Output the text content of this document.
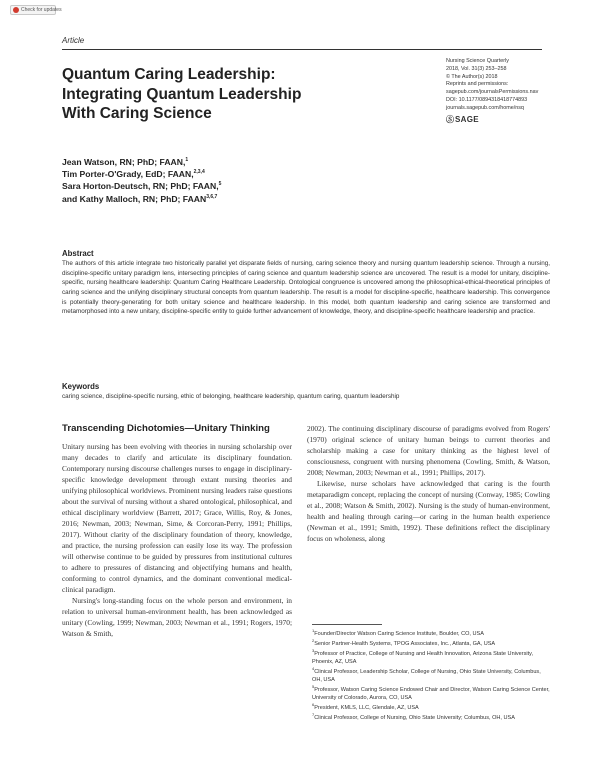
Check for updates
Article
Quantum Caring Leadership:
Integrating Quantum Leadership
With Caring Science
Nursing Science Quarterly
2018, Vol. 31(3) 253–258
© The Author(s) 2018
Reprints and permissions:
sagepub.com/journalsPermissions.nav
DOI: 10.1177/0894318418774893
journals.sagepub.com/home/nsq
Ⓢ SAGE
Jean Watson, RN; PhD; FAAN,$^1$
Tim Porter-O'Grady, EdD; FAAN,$^{2,3,4}$
Sara Horton-Deutsch, RN; PhD; FAAN,$^5$
and Kathy Malloch, RN; PhD; FAAN$^{3,6,7}$
Abstract
The authors of this article integrate two historically parallel yet disparate fields of nursing, caring science theory and nursing quantum leadership science. Through a nursing, discipline-specific unitary paradigm lens, intersecting principles of caring science and quantum leadership science are uncovered. The result is a model for unitary, discipline-specific, nursing healthcare leadership: Quantum Caring Healthcare Leadership. Ontological congruence is uncovered among the philosophical-ethical-theoretical principles of caring science and the unifying disciplinary structural concepts from quantum leadership. The result is a model for discipline-specific, healthcare leadership. This convergence is potentially theory-generating for both unitary science and healthcare leadership. In this model, both quantum leadership and caring science are transformed and metamorphosed into a new unitary, discipline-specific entity to guide further advancement of knowledge, theory, and discipline-specific healthcare leadership and practice.
Keywords
caring science, discipline-specific nursing, ethic of belonging, healthcare leadership, quantum caring, quantum leadership
Transcending Dichotomies—Unitary Thinking

Unitary nursing has been evolving with theories in nursing scholarship over many decades to clarify and articulate its disciplinary foundation. Contemporary nursing discourse challenges nurses to engage in disciplinary-specific knowledge development through extant nursing theories and unifying philosophical worldviews. Prominent nursing leaders raise questions about the survival of nursing without a shared ontological, philosophical, and ethical disciplinary worldview (Barrett, 2017; Grace, Willis, Roy, & Jones, 2016; Newman, 2003; Newman, Sime, & Corcoran-Perry, 1991; Phillips, 2017). Without clarity of the disciplinary foundation of theory, knowledge, and practice, the nursing profession can easily lose its way. The profession will otherwise continue to be guided by pressures from institutional cultures to adhere to pressures of distancing and objectifying humans and health, conforming to control dynamics, and the dominant conventional medical-clinical paradigm.

Nursing's long-standing focus on the whole person and environment, in relation to universal human-environment health, has been acknowledged as unitary (Cowling, 1999; Newman, 2003; Newman et al., 1991; Rogers, 1970; Watson & Smith,

2002). The continuing disciplinary discourse of paradigms evolved from Rogers' (1970) original science of unitary human beings to current theories and scholarship making a case for unitary thinking as the highest level of consciousness, congruent with nursing phenomena (Cowling, Smith, & Watson, 2008; Newman, 2003; Newman et al., 1991; Phillips, 2017).

Likewise, nurse scholars have acknowledged that caring is the fourth metaparadigm concept, replacing the concept of nursing (Conway, 1985; Cowling et al., 2008; Watson & Smith, 2002). Nursing is the study of human-environment, health and healing through caring—or caring in the human health experience (Newman et al., 1991; Smith, 1992). These definitions reflect the disciplinary focus on wholeness, along

$^1$Founder/Director Watson Caring Science Institute, Boulder, CO, USA

$^2$Senior Partner-Health Systems, TPOG Associates, Inc., Atlanta, GA, USA

$^3$Professor of Practice, College of Nursing and Health Innovation, Arizona State University, Phoenix, AZ, USA

$^4$Clinical Professor, Leadership Scholar, College of Nursing, Ohio State University, Columbus, OH, USA

$^5$Professor, Watson Caring Science Endowed Chair and Director, Watson Caring Science Center, University of Colorado, Aurora, CO, USA

$^6$President, KMLS, LLC, Glendale, AZ, USA

$^7$Clinical Professor, College of Nursing, Ohio State University; Columbus, OH, USA
